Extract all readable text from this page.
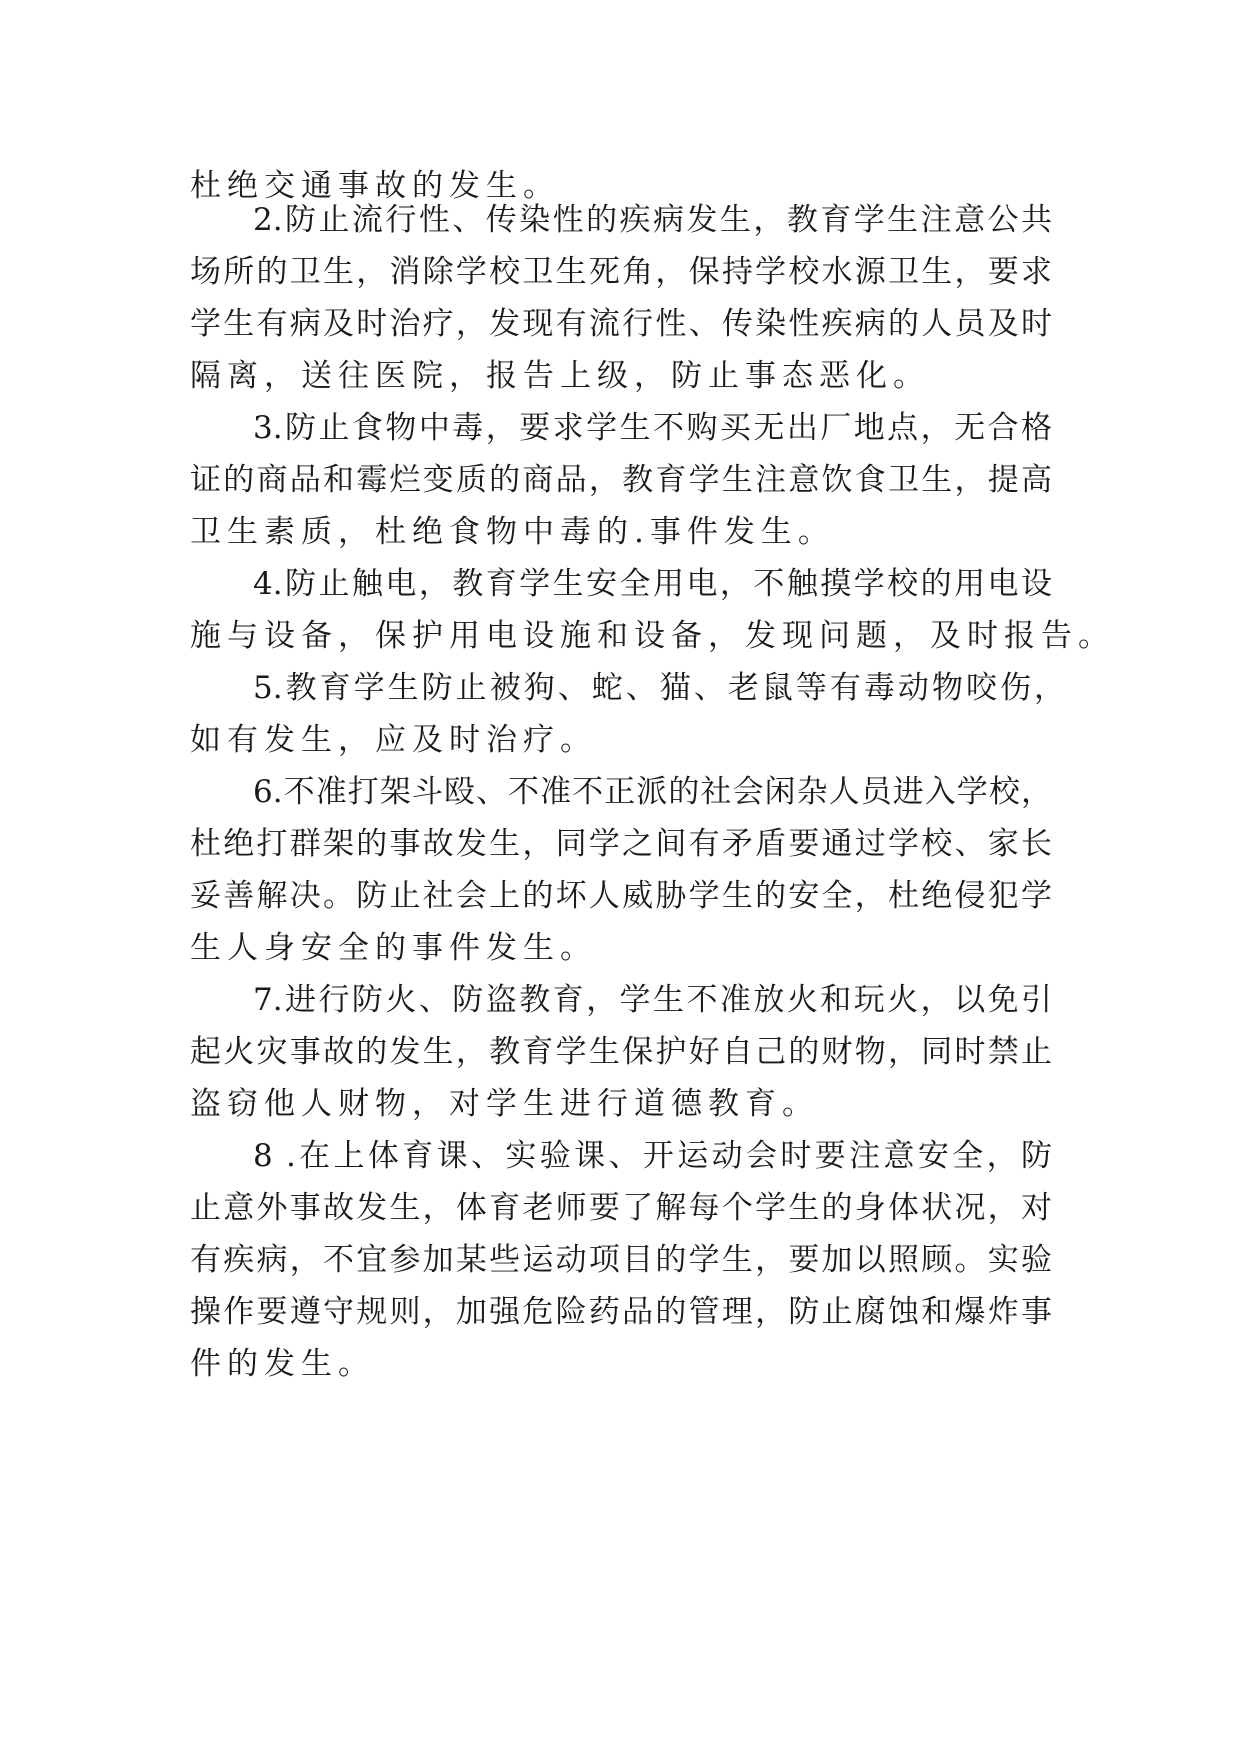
杜绝交通事故的发生。

2.防止流行性、传染性的疾病发生，教育学生注意公共

场所的卫生，消除学校卫生死角，保持学校水源卫生，要求

学生有病及时治疗，发现有流行性、传染性疾病的人员及时

隔离，送往医院，报告上级，防止事态恶化。

3.防止食物中毒，要求学生不购买无出厂地点，无合格

证的商品和霉烂变质的商品，教育学生注意饮食卫生，提高

卫生素质，杜绝食物中毒的.事件发生。

4.防止触电，教育学生安全用电，不触摸学校的用电设

施与设备，保护用电设施和设备，发现问题，及时报告。

5.教育学生防止被狗、蛇、猫、老鼠等有毒动物咬伤，

如有发生，应及时治疗。

6.不准打架斗殴、不准不正派的社会闲杂人员进入学校，

杜绝打群架的事故发生，同学之间有矛盾要通过学校、家长

妥善解决。防止社会上的坏人威胁学生的安全，杜绝侵犯学

生人身安全的事件发生。

7.进行防火、防盗教育，学生不准放火和玩火，以免引

起火灾事故的发生，教育学生保护好自己的财物，同时禁止

盗窃他人财物，对学生进行道德教育。

8 .在上体育课、实验课、开运动会时要注意安全，防

止意外事故发生，体育老师要了解每个学生的身体状况，对

有疾病，不宜参加某些运动项目的学生，要加以照顾。实验

操作要遵守规则，加强危险药品的管理，防止腐蚀和爆炸事

件的发生。
